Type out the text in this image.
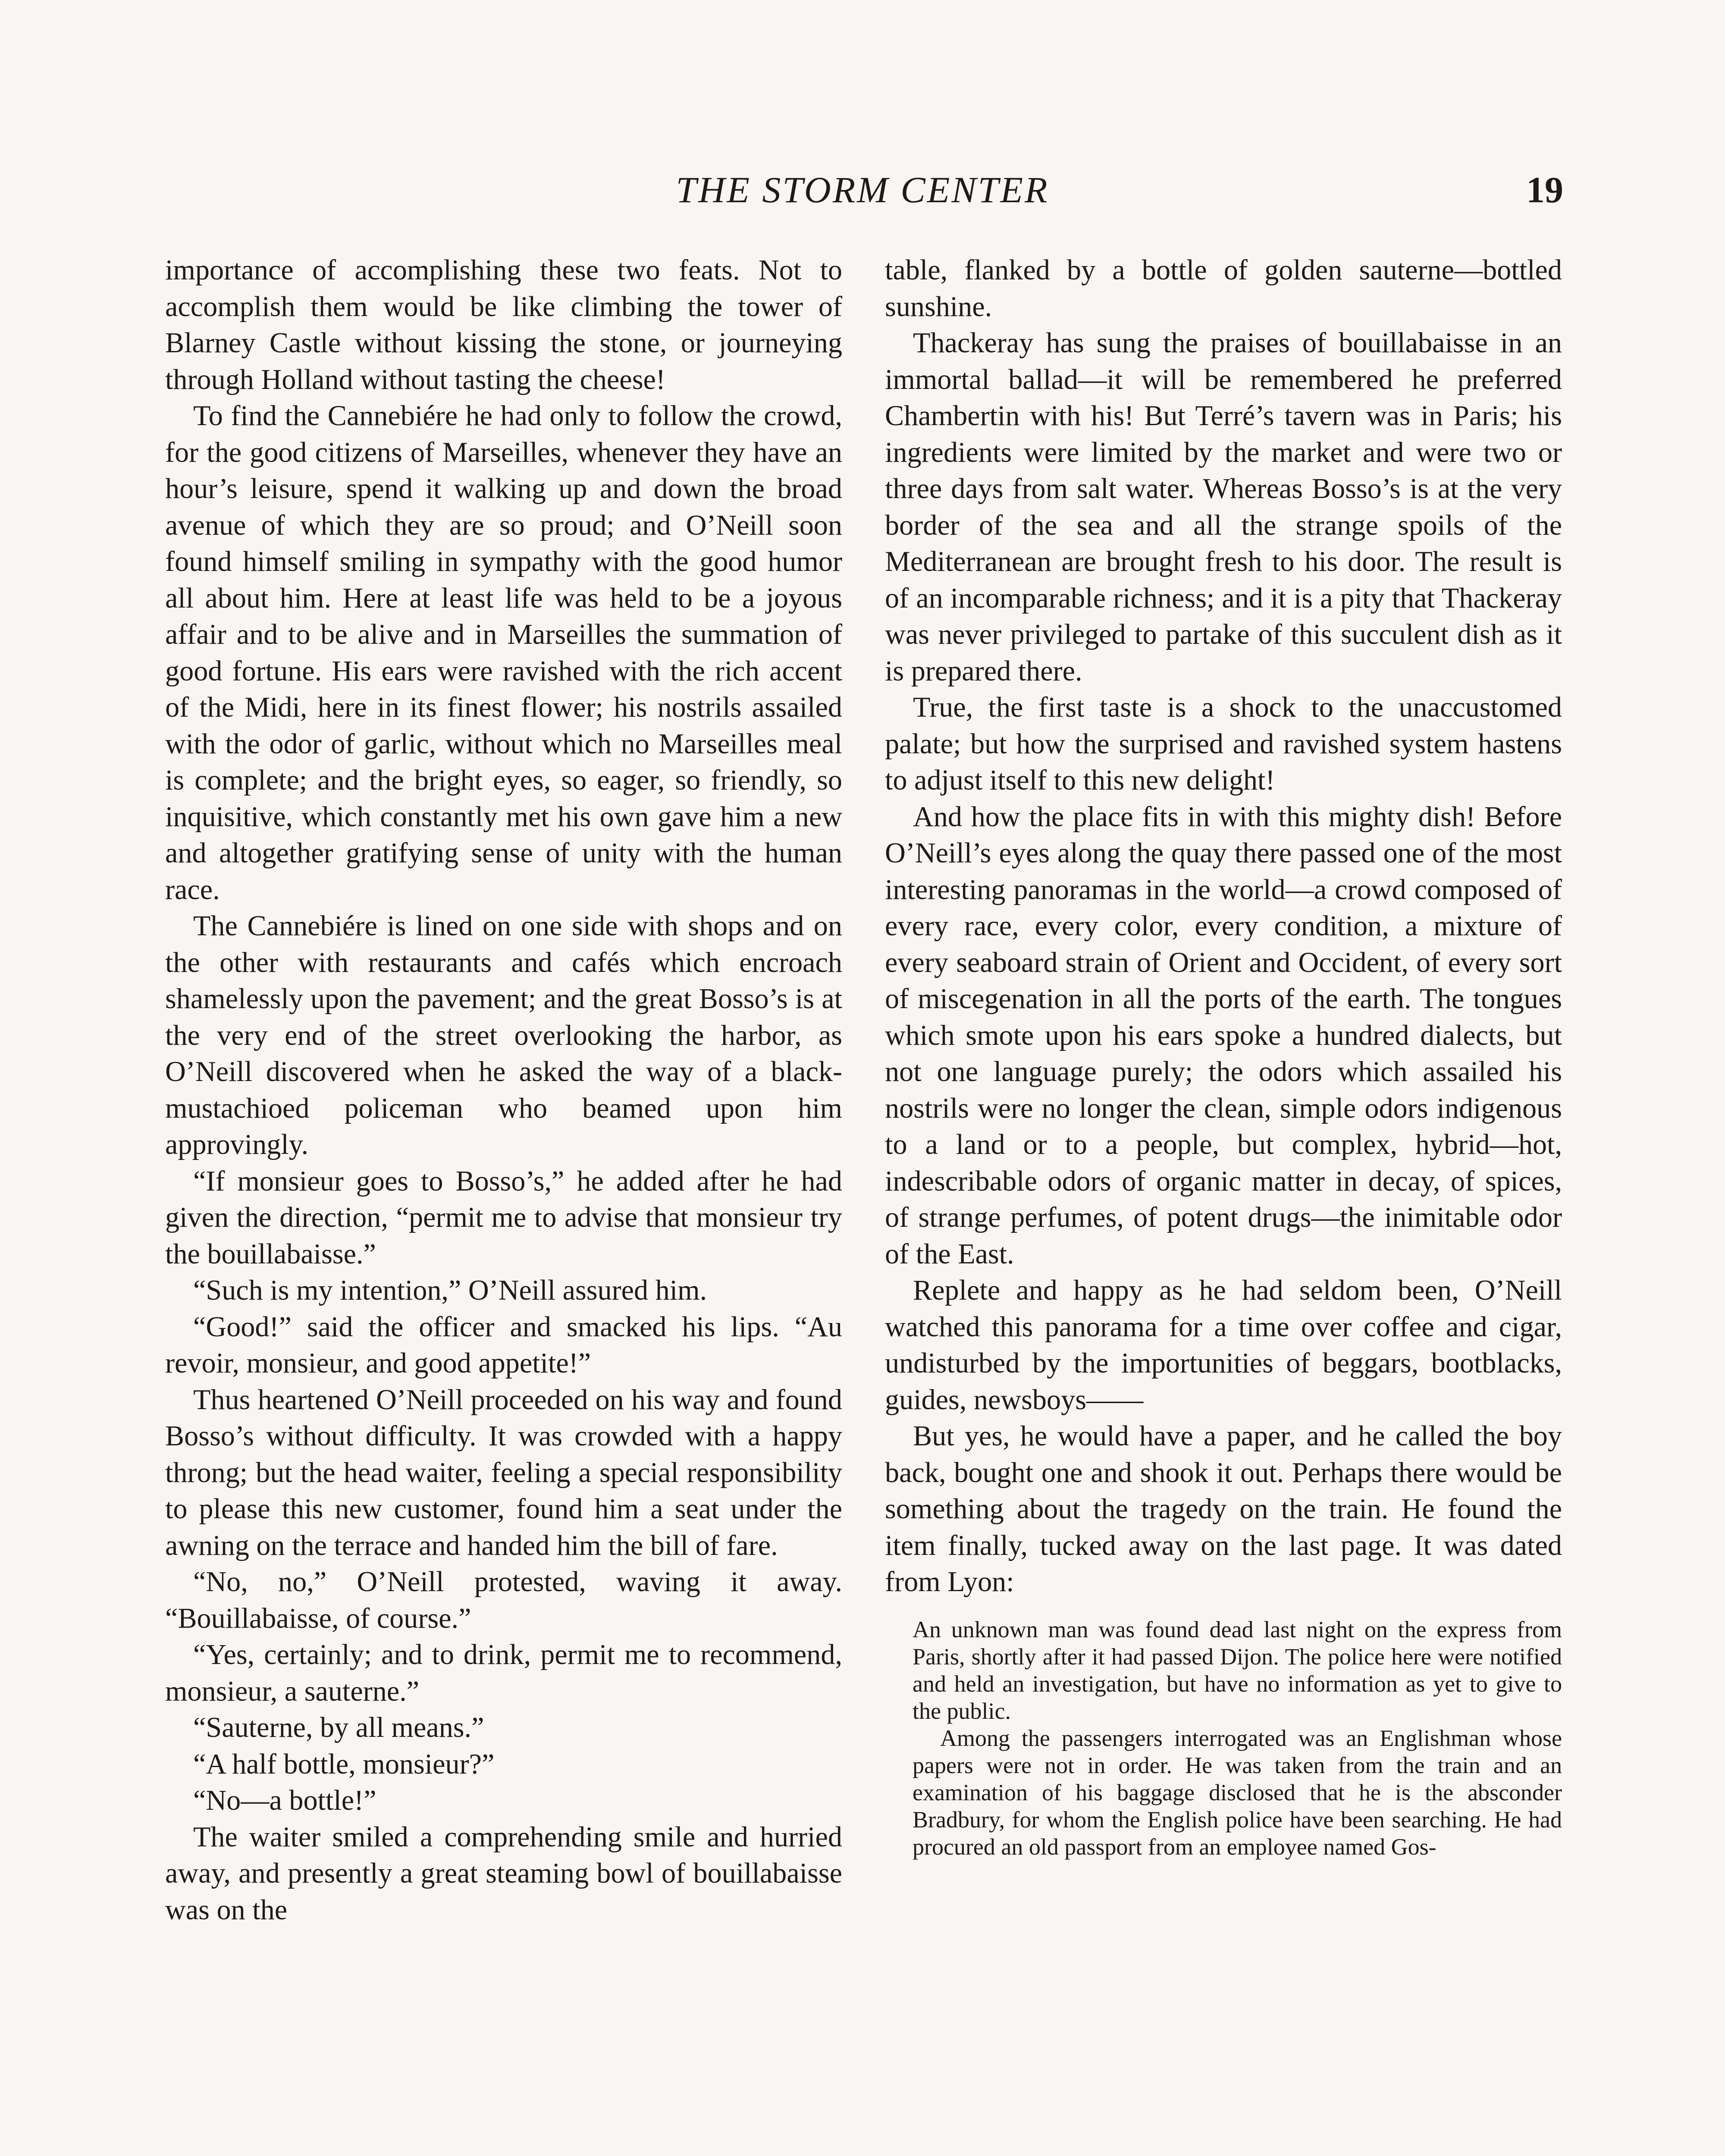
THE STORM CENTER	19

importance of accomplishing these two feats. Not to accomplish them would be like climbing the tower of Blarney Castle without kissing the stone, or journeying through Holland without tasting the cheese!

To find the Cannebiére he had only to follow the crowd, for the good citizens of Marseilles, whenever they have an hour’s leisure, spend it walking up and down the broad avenue of which they are so proud; and O’Neill soon found himself smiling in sympathy with the good humor all about him. Here at least life was held to be a joyous affair and to be alive and in Marseilles the summation of good fortune. His ears were ravished with the rich accent of the Midi, here in its finest flower; his nostrils assailed with the odor of garlic, without which no Marseilles meal is complete; and the bright eyes, so eager, so friendly, so inquisitive, which constantly met his own gave him a new and altogether gratifying sense of unity with the human race.

The Cannebiére is lined on one side with shops and on the other with restaurants and cafés which encroach shamelessly upon the pavement; and the great Bosso’s is at the very end of the street overlooking the harbor, as O’Neill discovered when he asked the way of a black-mustachioed policeman who beamed upon him approvingly.

“If monsieur goes to Bosso’s,” he added after he had given the direction, “permit me to advise that monsieur try the bouillabaisse.”

“Such is my intention,” O’Neill assured him.

“Good!” said the officer and smacked his lips. “Au revoir, monsieur, and good appetite!”

Thus heartened O’Neill proceeded on his way and found Bosso’s without difficulty. It was crowded with a happy throng; but the head waiter, feeling a special responsibility to please this new customer, found him a seat under the awning on the terrace and handed him the bill of fare.

“No, no,” O’Neill protested, waving it away. “Bouillabaisse, of course.”

“Yes, certainly; and to drink, permit me to recommend, monsieur, a sauterne.”

“Sauterne, by all means.”

“A half bottle, monsieur?”

“No—a bottle!”

The waiter smiled a comprehending smile and hurried away, and presently a great steaming bowl of bouillabaisse was on the

table, flanked by a bottle of golden sauterne—bottled sunshine.

Thackeray has sung the praises of bouillabaisse in an immortal ballad—it will be remembered he preferred Chambertin with his! But Terré’s tavern was in Paris; his ingredients were limited by the market and were two or three days from salt water. Whereas Bosso’s is at the very border of the sea and all the strange spoils of the Mediterranean are brought fresh to his door. The result is of an incomparable richness; and it is a pity that Thackeray was never privileged to partake of this succulent dish as it is prepared there.

True, the first taste is a shock to the unaccustomed palate; but how the surprised and ravished system hastens to adjust itself to this new delight!

And how the place fits in with this mighty dish! Before O’Neill’s eyes along the quay there passed one of the most interesting panoramas in the world—a crowd composed of every race, every color, every condition, a mixture of every seaboard strain of Orient and Occident, of every sort of miscegenation in all the ports of the earth. The tongues which smote upon his ears spoke a hundred dialects, but not one language purely; the odors which assailed his nostrils were no longer the clean, simple odors indigenous to a land or to a people, but complex, hybrid—hot, indescribable odors of organic matter in decay, of spices, of strange perfumes, of potent drugs—the inimitable odor of the East.

Replete and happy as he had seldom been, O’Neill watched this panorama for a time over coffee and cigar, undisturbed by the importunities of beggars, bootblacks, guides, newsboys——

But yes, he would have a paper, and he called the boy back, bought one and shook it out. Perhaps there would be something about the tragedy on the train. He found the item finally, tucked away on the last page. It was dated from Lyon:

An unknown man was found dead last night on the express from Paris, shortly after it had passed Dijon. The police here were notified and held an investigation, but have no information as yet to give to the public.

Among the passengers interrogated was an Englishman whose papers were not in order. He was taken from the train and an examination of his baggage disclosed that he is the absconder Bradbury, for whom the English police have been searching. He had procured an old passport from an employee named Gos-
